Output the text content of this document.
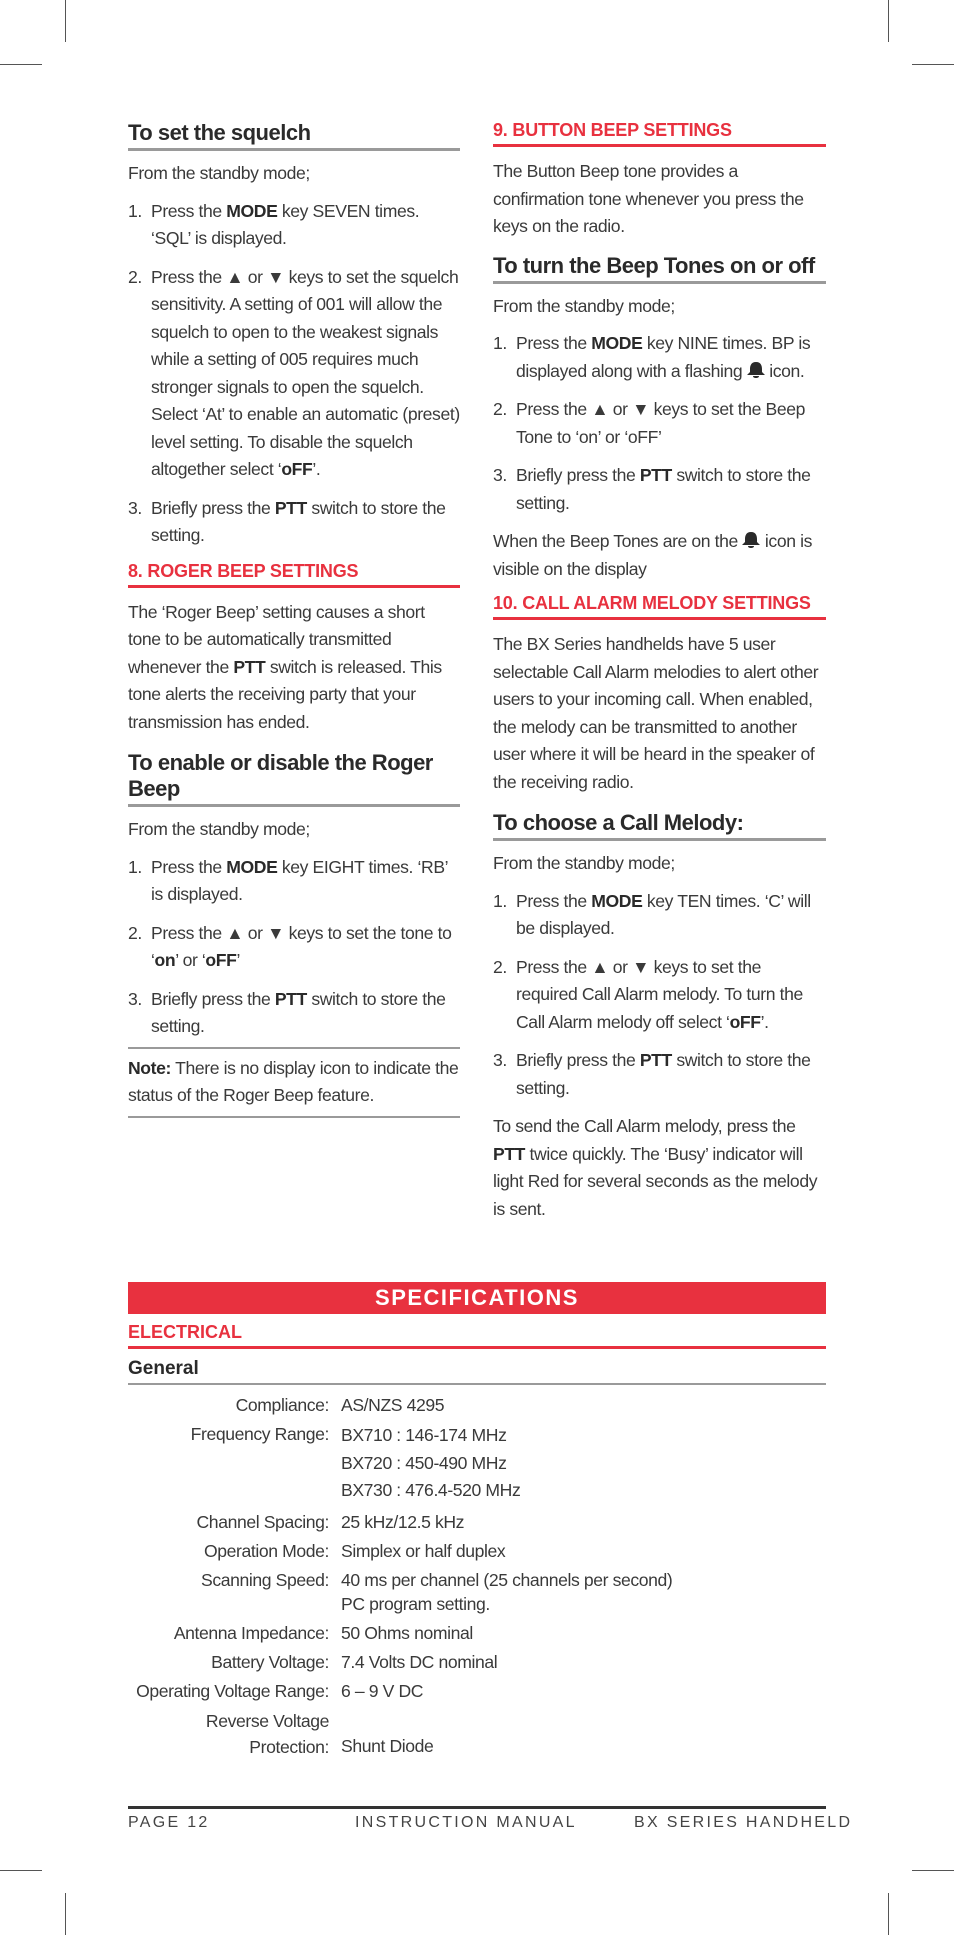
To set the squelch
From the standby mode;
1. Press the MODE key SEVEN times. ‘SQL’ is displayed.
2. Press the ▲ or ▼ keys to set the squelch sensitivity. A setting of 001 will allow the squelch to open to the weakest signals while a setting of 005 requires much stronger signals to open the squelch. Select ‘At’ to enable an automatic (preset) level setting. To disable the squelch altogether select ‘oFF’.
3. Briefly press the PTT switch to store the setting.
8. ROGER BEEP SETTINGS
The ‘Roger Beep’ setting causes a short tone to be automatically transmitted whenever the PTT switch is released. This tone alerts the receiving party that your transmission has ended.
To enable or disable the Roger Beep
From the standby mode;
1. Press the MODE key EIGHT times. ‘RB’ is displayed.
2. Press the ▲ or ▼ keys to set the tone to ‘on’ or ‘oFF’
3. Briefly press the PTT switch to store the setting.
Note: There is no display icon to indicate the status of the Roger Beep feature.
9. BUTTON BEEP SETTINGS
The Button Beep tone provides a confirmation tone whenever you press the keys on the radio.
To turn the Beep Tones on or off
From the standby mode;
1. Press the MODE key NINE times. BP is displayed along with a flashing  icon.
2. Press the ▲ or ▼ keys to set the Beep Tone to ‘on’ or ‘oFF’
3. Briefly press the PTT switch to store the setting.
When the Beep Tones are on the  icon is visible on the display
10. CALL ALARM MELODY SETTINGS
The BX Series handhelds have 5 user selectable Call Alarm melodies to alert other users to your incoming call. When enabled, the melody can be transmitted to another user where it will be heard in the speaker of the receiving radio.
To choose a Call Melody:
From the standby mode;
1. Press the MODE key TEN times. ‘C’ will be displayed.
2. Press the ▲ or ▼ keys to set the required Call Alarm melody. To turn the Call Alarm melody off select ‘oFF’.
3. Briefly press the PTT switch to store the setting.
To send the Call Alarm melody, press the PTT twice quickly. The ‘Busy’ indicator will light Red for several seconds as the melody is sent.
SPECIFICATIONS
ELECTRICAL
General
Compliance: AS/NZS 4295
Frequency Range: BX710 : 146-174 MHz
BX720 : 450-490 MHz
BX730 : 476.4-520 MHz
Channel Spacing: 25 kHz/12.5 kHz
Operation Mode: Simplex or half duplex
Scanning Speed: 40 ms per channel (25 channels per second)
PC program setting.
Antenna Impedance: 50 Ohms nominal
Battery Voltage: 7.4 Volts DC nominal
Operating Voltage Range: 6 – 9 V DC
Reverse Voltage
Protection: Shunt Diode
PAGE 12	INSTRUCTION MANUAL	BX SERIES HANDHELD
